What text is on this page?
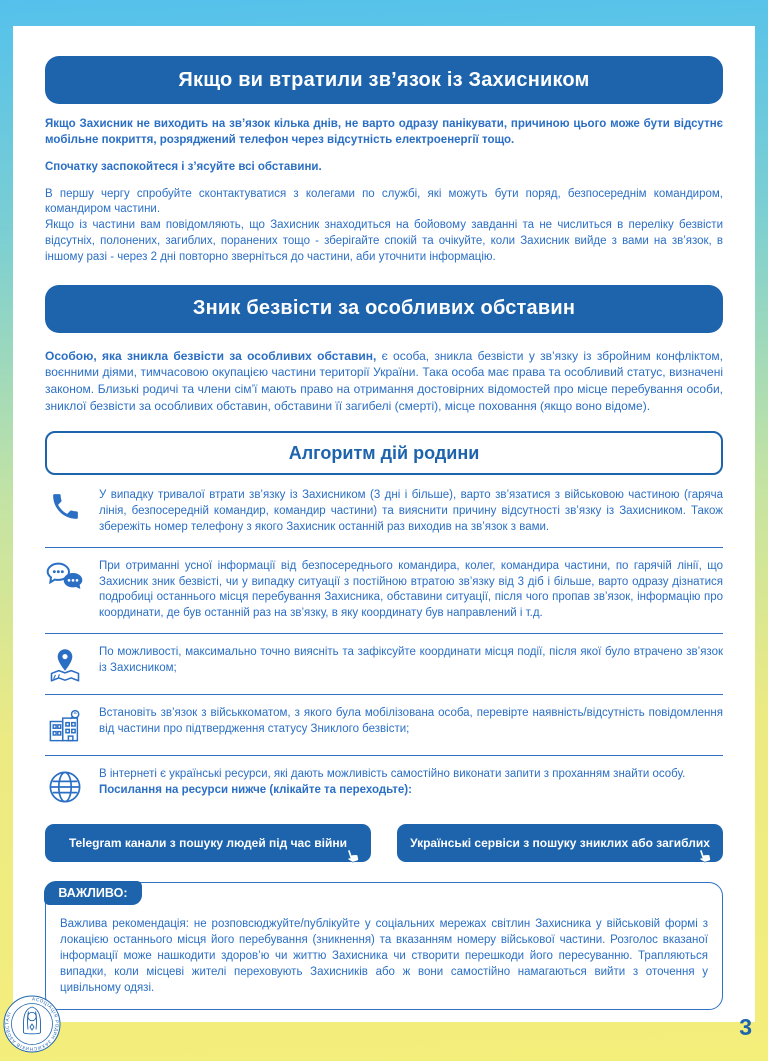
Якщо ви втратили зв’язок із Захисником
Якщо Захисник не виходить на зв’язок кілька днів, не варто одразу панікувати, причиною цього може бути відсутнє мобільне покриття, розряджений телефон через відсутність електроенергії тощо.
Спочатку заспокойтеся і з’ясуйте всі обставини.
В першу чергу спробуйте сконтактуватися з колегами по службі, які можуть бути поряд, безпосереднім командиром, командиром частини.
Якщо із частини вам повідомляють, що Захисник знаходиться на бойовому завданні та не числиться в переліку безвісти відсутніх, полонених, загиблих, поранених тощо - зберігайте спокій та очікуйте, коли Захисник вийде з вами на зв’язок, в іншому разі - через 2 дні повторно зверніться до частини, аби уточнити інформацію.
Зник безвісти за особливих обставин
Особою, яка зникла безвісти за особливих обставин, є особа, зникла безвісти у зв’язку із збройним конфліктом, воєнними діями, тимчасовою окупацією частини території України. Така особа має права та особливий статус, визначені законом. Близькі родичі та члени сім’ї мають право на отримання достовірних відомостей про місце перебування особи, зниклої безвісти за особливих обставин, обставини її загибелі (смерті), місце поховання (якщо воно відоме).
Алгоритм дій родини
У випадку тривалої втрати зв’язку із Захисником (3 дні і більше), варто зв’язатися з військовою частиною (гаряча лінія, безпосередній командир, командир частини) та вияснити причину відсутності зв’язку із Захисником. Також збережіть номер телефону з якого Захисник останній раз виходив на зв’язок з вами.
При отриманні усної інформації від безпосереднього командира, колег, командира частини, по гарячій лінії, що Захисник зник безвісті, чи у випадку ситуації з постійною втратою зв’язку від 3 діб і більше, варто одразу дізнатися подробиці останнього місця перебування Захисника, обставини ситуації, після чого пропав зв’язок, інформацію про координати, де був останній раз на зв’язку, в яку координату був направлений і т.д.
По можливості, максимально точно виясніть та зафіксуйте координати місця події, після якої було втрачено зв’язок із Захисником;
Встановіть зв’язок з військкоматом, з якого була мобілізована особа, перевірте наявність/відсутність повідомлення від частини про підтвердження статусу Зниклого безвісти;
В інтернеті є українські ресурси, які дають можливість самостійно виконати запити з проханням знайти особу.
Посилання на ресурси нижче (клікайте та переходьте):
Telegram канали з пошуку людей під час війни	Українські сервіси з пошуку зниклих або загиблих
ВАЖЛИВО:
Важлива рекомендація: не розповсюджуйте/публікуйте у соціальних мережах світлин Захисника у військовій формі з локацією останнього місця його перебування (зникнення) та вказанням номеру військової частини. Розголос вказаної інформації може нашкодити здоров’ю чи життю Захисника чи створити перешкоди його пересуванню. Трапляються випадки, коли місцеві жителі переховують Захисників або ж вони самостійно намагаються вийти з оточення у цивільному одязі.
АСОЦІАЦІЯ РОДИН ЗАХИСНИКІВ АЗОВСТАЛІ
3
